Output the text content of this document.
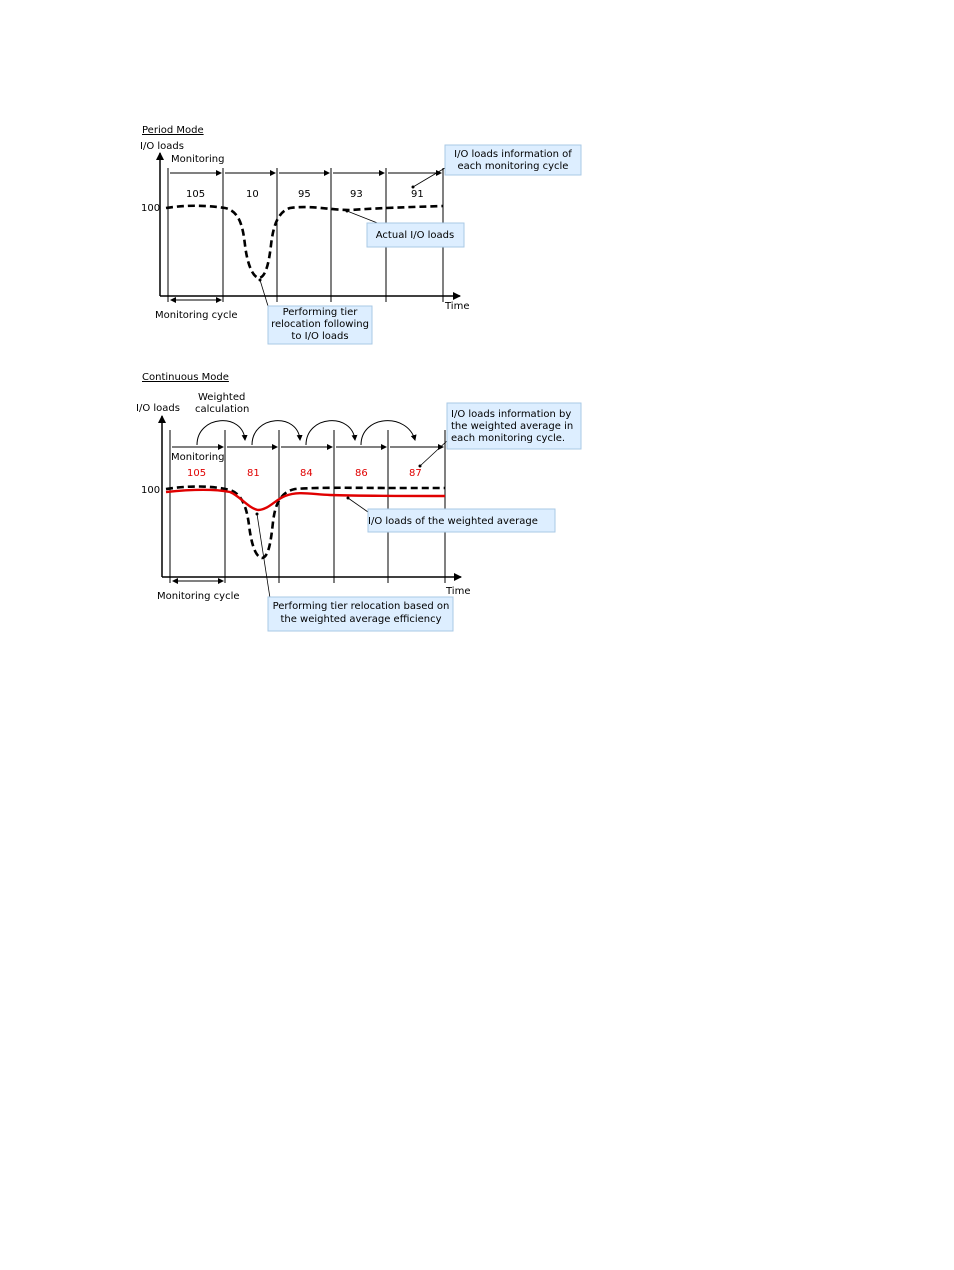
Period Mode
I/O loads
Monitoring
100
Time
105	10	95	93	91
Monitoring cycle
I/O loads information of
each monitoring cycle
Actual I/O loads
Performing tier
relocation following
to I/O loads
Continuous Mode
I/O loads
Weighted
calculation
100
Time
Monitoring
105	81	84	86	87
Monitoring cycle
I/O loads information by
the weighted average in
each monitoring cycle.
I/O loads of the weighted average
Performing tier relocation based on
the weighted average efficiency
